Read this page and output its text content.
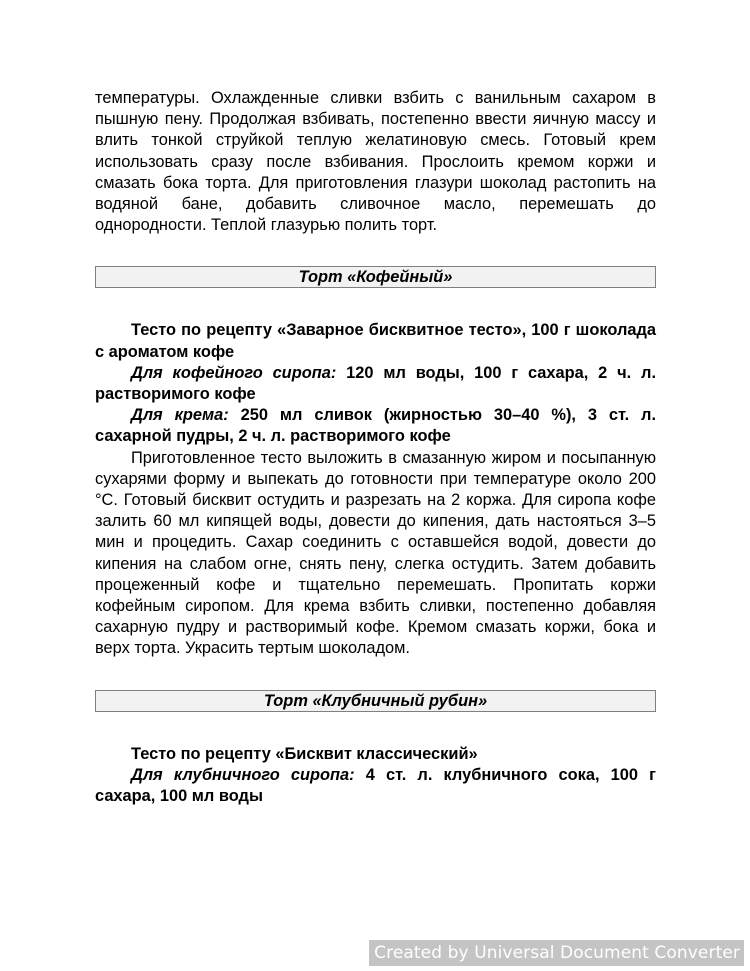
температуры. Охлажденные сливки взбить с ванильным сахаром в пышную пену. Продолжая взбивать, постепенно ввести яичную массу и влить тонкой струйкой теплую желатиновую смесь. Готовый крем использовать сразу после взбивания. Прослоить кремом коржи и смазать бока торта. Для приготовления глазури шоколад растопить на водяной бане, добавить сливочное масло, перемешать до однородности. Теплой глазурью полить торт.

Торт «Кофейный»

Тесто по рецепту «Заварное бисквитное тесто», 100 г шоколада с ароматом кофе

Для кофейного сиропа: 120 мл воды, 100 г сахара, 2 ч. л. растворимого кофе

Для крема: 250 мл сливок (жирностью 30–40 %), 3 ст. л. сахарной пудры, 2 ч. л. растворимого кофе

Приготовленное тесто выложить в смазанную жиром и посыпанную сухарями форму и выпекать до готовности при температуре около 200 °С. Готовый бисквит остудить и разрезать на 2 коржа. Для сиропа кофе залить 60 мл кипящей воды, довести до кипения, дать настояться 3–5 мин и процедить. Сахар соединить с оставшейся водой, довести до кипения на слабом огне, снять пену, слегка остудить. Затем добавить процеженный кофе и тщательно перемешать. Пропитать коржи кофейным сиропом. Для крема взбить сливки, постепенно добавляя сахарную пудру и растворимый кофе. Кремом смазать коржи, бока и верх торта. Украсить тертым шоколадом.

Торт «Клубничный рубин»

Тесто по рецепту «Бисквит классический»

Для клубничного сиропа: 4 ст. л. клубничного сока, 100 г сахара, 100 мл воды

Created by Universal Document Converter
